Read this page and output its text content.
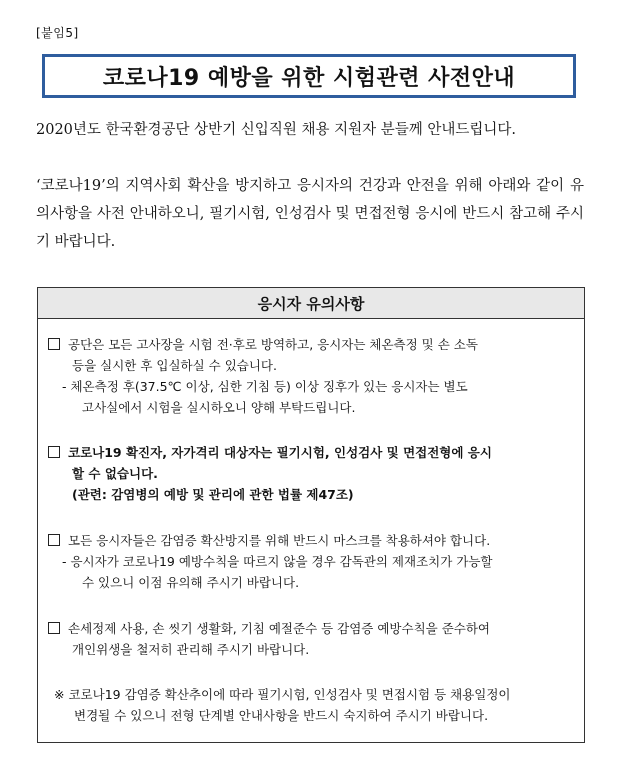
[붙임5]
코로나19 예방을 위한 시험관련 사전안내
2020년도 한국환경공단 상반기 신입직원 채용 지원자 분들께 안내드립니다.
‘코로나19’의 지역사회 확산을 방지하고 응시자의 건강과 안전을 위해 아래와 같이 유의사항을 사전 안내하오니, 필기시험, 인성검사 및 면접전형 응시에 반드시 참고해 주시기 바랍니다.
응시자 유의사항
공단은 모든 고사장을 시험 전·후로 방역하고, 응시자는 체온측정 및 손 소독
등을 실시한 후 입실하실 수 있습니다.
- 체온측정 후(37.5℃ 이상, 심한 기침 등) 이상 징후가 있는 응시자는 별도
고사실에서 시험을 실시하오니 양해 부탁드립니다.
코로나19 확진자, 자가격리 대상자는 필기시험, 인성검사 및 면접전형에 응시
할 수 없습니다.
(관련: 감염병의 예방 및 관리에 관한 법률 제47조)
모든 응시자들은 감염증 확산방지를 위해 반드시 마스크를 착용하셔야 합니다.
- 응시자가 코로나19 예방수칙을 따르지 않을 경우 감독관의 제재조치가 가능할
수 있으니 이점 유의해 주시기 바랍니다.
손세정제 사용, 손 씻기 생활화, 기침 예절준수 등 감염증 예방수칙을 준수하여
개인위생을 철저히 관리해 주시기 바랍니다.
※ 코로나19 감염증 확산추이에 따라 필기시험, 인성검사 및 면접시험 등 채용일정이
변경될 수 있으니 전형 단계별 안내사항을 반드시 숙지하여 주시기 바랍니다.
